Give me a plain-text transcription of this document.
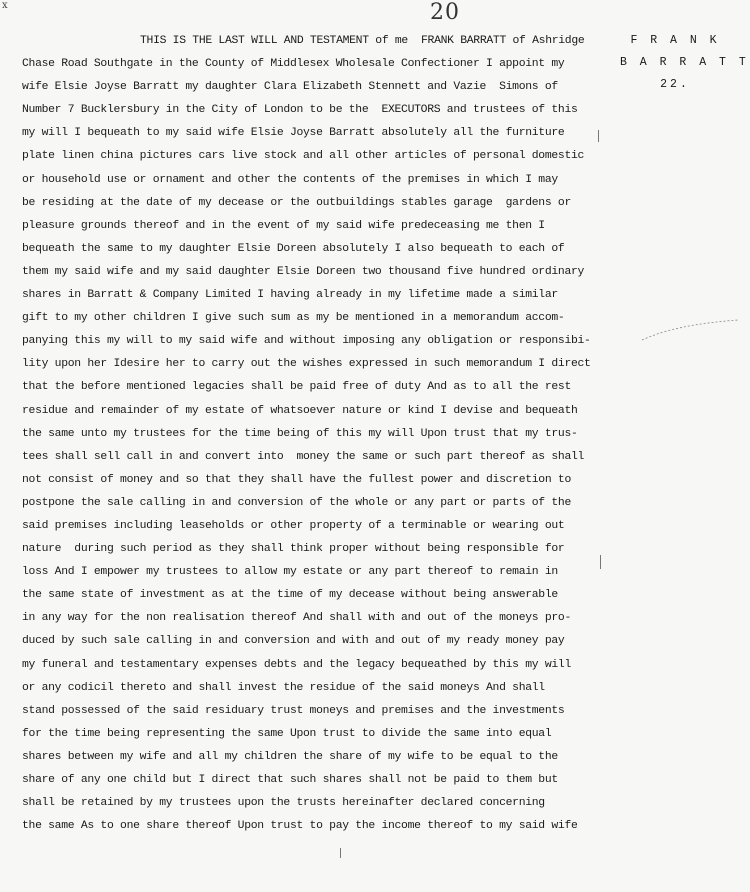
x	20
F R A N K
B A R R A T T
22.
THIS IS THE LAST WILL AND TESTAMENT of me  FRANK BARRATT of Ashridge
Chase Road Southgate in the County of Middlesex Wholesale Confectioner I appoint my
wife Elsie Joyse Barratt my daughter Clara Elizabeth Stennett and Vazie  Simons of
Number 7 Bucklersbury in the City of London to be the  EXECUTORS and trustees of this
my will I bequeath to my said wife Elsie Joyse Barratt absolutely all the furniture
plate linen china pictures cars live stock and all other articles of personal domestic
or household use or ornament and other the contents of the premises in which I may
be residing at the date of my decease or the outbuildings stables garage  gardens or
pleasure grounds thereof and in the event of my said wife predeceasing me then I
bequeath the same to my daughter Elsie Doreen absolutely I also bequeath to each of
them my said wife and my said daughter Elsie Doreen two thousand five hundred ordinary
shares in Barratt & Company Limited I having already in my lifetime made a similar
gift to my other children I give such sum as my be mentioned in a memorandum accom-
panying this my will to my said wife and without imposing any obligation or responsibi-
lity upon her Idesire her to carry out the wishes expressed in such memorandum I direct
that the before mentioned legacies shall be paid free of duty And as to all the rest
residue and remainder of my estate of whatsoever nature or kind I devise and bequeath
the same unto my trustees for the time being of this my will Upon trust that my trus-
tees shall sell call in and convert into  money the same or such part thereof as shall
not consist of money and so that they shall have the fullest power and discretion to
postpone the sale calling in and conversion of the whole or any part or parts of the
said premises including leaseholds or other property of a terminable or wearing out
nature  during such period as they shall think proper without being responsible for
loss And I empower my trustees to allow my estate or any part thereof to remain in
the same state of investment as at the time of my decease without being answerable
in any way for the non realisation thereof And shall with and out of the moneys pro-
duced by such sale calling in and conversion and with and out of my ready money pay
my funeral and testamentary expenses debts and the legacy bequeathed by this my will
or any codicil thereto and shall invest the residue of the said moneys And shall
stand possessed of the said residuary trust moneys and premises and the investments
for the time being representing the same Upon trust to divide the same into equal
shares between my wife and all my children the share of my wife to be equal to the
share of any one child but I direct that such shares shall not be paid to them but
shall be retained by my trustees upon the trusts hereinafter declared concerning
the same As to one share thereof Upon trust to pay the income thereof to my said wife
